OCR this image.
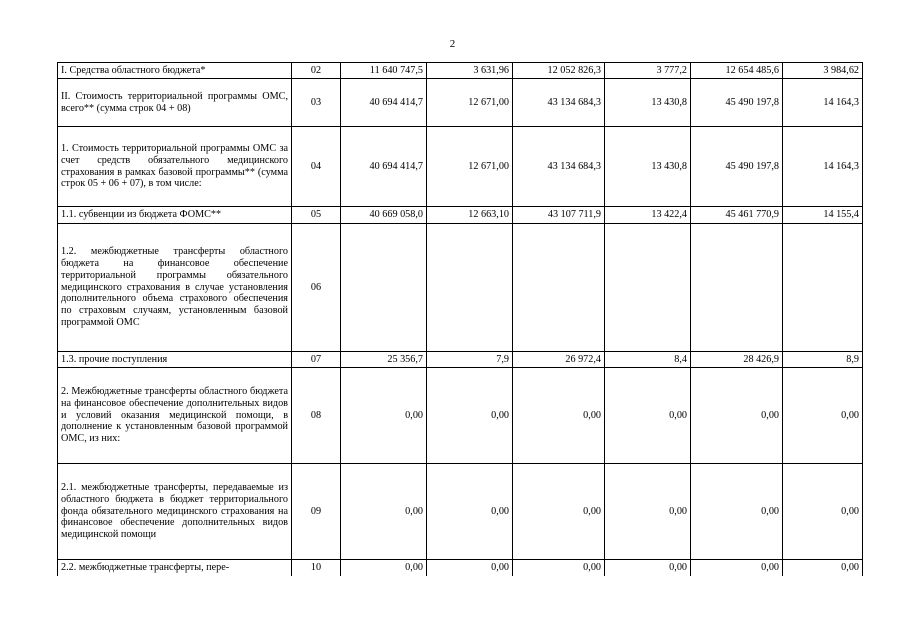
2
I. Средства областного бюджета*	02	11 640 747,5	3 631,96	12 052 826,3	3 777,2	12 654 485,6	3 984,62
II. Стоимость территориальной программы ОМС, всего** (сумма строк 04 + 08)	03	40 694 414,7	12 671,00	43 134 684,3	13 430,8	45 490 197,8	14 164,3
1. Стоимость территориальной программы ОМС за счет средств обязательного медицинского страхования в рамках базовой программы** (сумма строк 05 + 06 + 07), в том числе:	04	40 694 414,7	12 671,00	43 134 684,3	13 430,8	45 490 197,8	14 164,3
1.1. субвенции из бюджета ФОМС**	05	40 669 058,0	12 663,10	43 107 711,9	13 422,4	45 461 770,9	14 155,4
1.2. межбюджетные трансферты областного бюджета на финансовое обеспечение территориальной программы обязательного медицинского страхования в случае установления дополнительного объема страхового обеспечения по страховым случаям, установленным базовой программой ОМС	06						
1.3. прочие поступления	07	25 356,7	7,9	26 972,4	8,4	28 426,9	8,9
2. Межбюджетные трансферты областного бюджета на финансовое обеспечение дополнительных видов и условий оказания медицинской помощи, в дополнение к установленным базовой программой ОМС, из них:	08	0,00	0,00	0,00	0,00	0,00	0,00
2.1. межбюджетные трансферты, передаваемые из областного бюджета в бюджет территориального фонда обязательного медицинского страхования на финансовое обеспечение дополнительных видов медицинской помощи	09	0,00	0,00	0,00	0,00	0,00	0,00
2.2. межбюджетные трансферты, пере-	10	0,00	0,00	0,00	0,00	0,00	0,00
